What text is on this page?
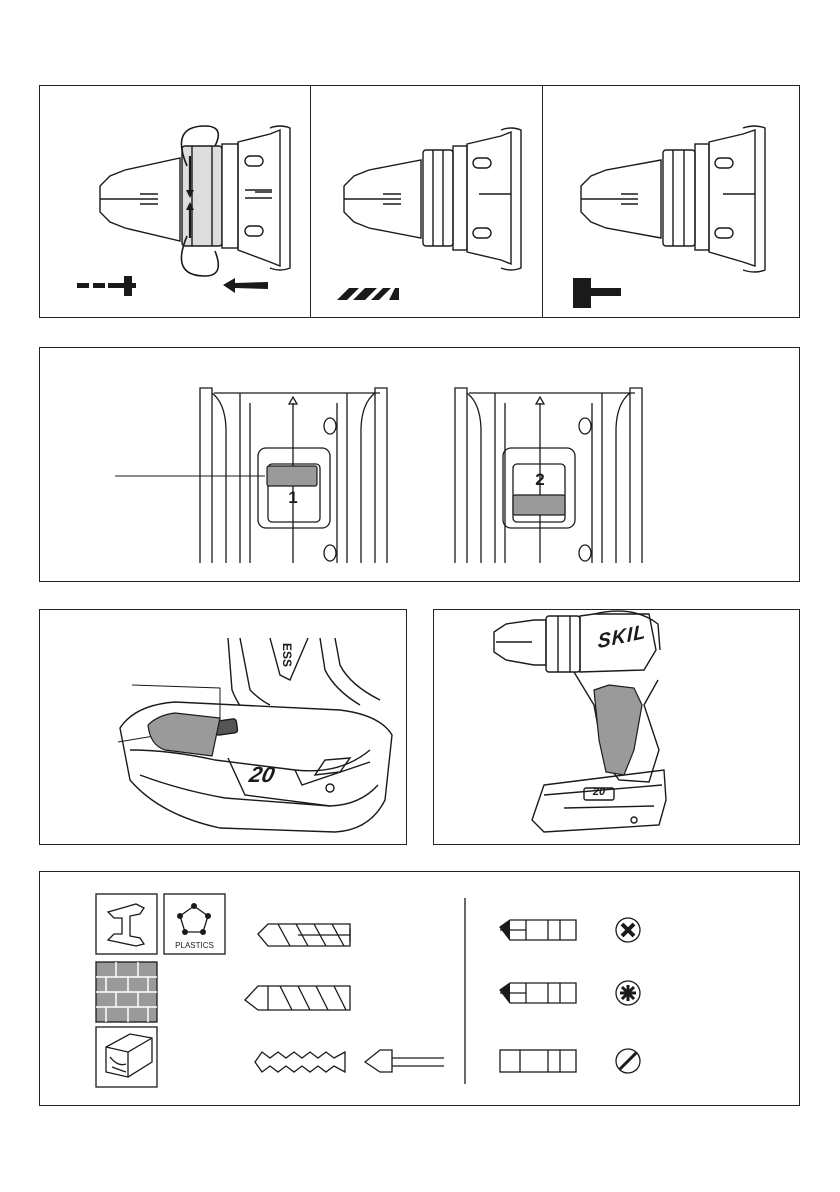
1
2
20
ESS
SKIL
20
PLASTICS
